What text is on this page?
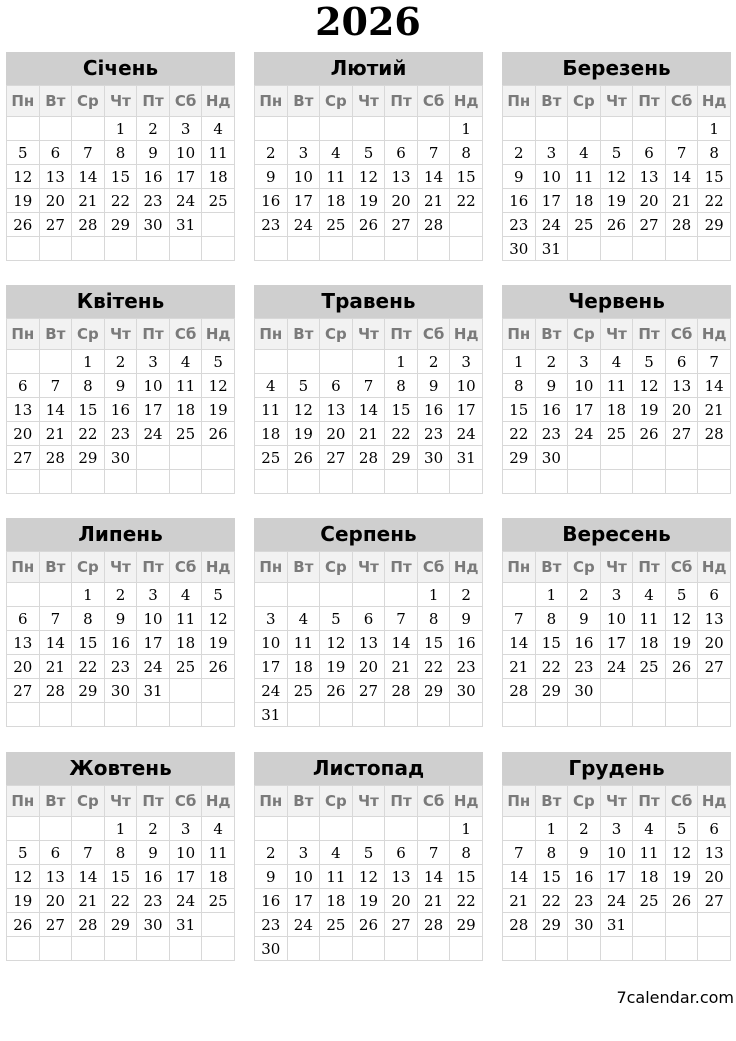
2026
Січень
Пн	Вт	Ср	Чт	Пт	Сб	Нд
			1	2	3	4
5	6	7	8	9	10	11
12	13	14	15	16	17	18
19	20	21	22	23	24	25
26	27	28	29	30	31	

Лютий
Пн	Вт	Ср	Чт	Пт	Сб	Нд
						1
2	3	4	5	6	7	8
9	10	11	12	13	14	15
16	17	18	19	20	21	22
23	24	25	26	27	28	

Березень
Пн	Вт	Ср	Чт	Пт	Сб	Нд
						1
2	3	4	5	6	7	8
9	10	11	12	13	14	15
16	17	18	19	20	21	22
23	24	25	26	27	28	29
30	31					
Квітень
Пн	Вт	Ср	Чт	Пт	Сб	Нд
		1	2	3	4	5
6	7	8	9	10	11	12
13	14	15	16	17	18	19
20	21	22	23	24	25	26
27	28	29	30			

Травень
Пн	Вт	Ср	Чт	Пт	Сб	Нд
				1	2	3
4	5	6	7	8	9	10
11	12	13	14	15	16	17
18	19	20	21	22	23	24
25	26	27	28	29	30	31

Червень
Пн	Вт	Ср	Чт	Пт	Сб	Нд
1	2	3	4	5	6	7
8	9	10	11	12	13	14
15	16	17	18	19	20	21
22	23	24	25	26	27	28
29	30					

Липень
Пн	Вт	Ср	Чт	Пт	Сб	Нд
		1	2	3	4	5
6	7	8	9	10	11	12
13	14	15	16	17	18	19
20	21	22	23	24	25	26
27	28	29	30	31		

Серпень
Пн	Вт	Ср	Чт	Пт	Сб	Нд
					1	2
3	4	5	6	7	8	9
10	11	12	13	14	15	16
17	18	19	20	21	22	23
24	25	26	27	28	29	30
31						
Вересень
Пн	Вт	Ср	Чт	Пт	Сб	Нд
	1	2	3	4	5	6
7	8	9	10	11	12	13
14	15	16	17	18	19	20
21	22	23	24	25	26	27
28	29	30				

Жовтень
Пн	Вт	Ср	Чт	Пт	Сб	Нд
			1	2	3	4
5	6	7	8	9	10	11
12	13	14	15	16	17	18
19	20	21	22	23	24	25
26	27	28	29	30	31	

Листопад
Пн	Вт	Ср	Чт	Пт	Сб	Нд
						1
2	3	4	5	6	7	8
9	10	11	12	13	14	15
16	17	18	19	20	21	22
23	24	25	26	27	28	29
30						
Грудень
Пн	Вт	Ср	Чт	Пт	Сб	Нд
	1	2	3	4	5	6
7	8	9	10	11	12	13
14	15	16	17	18	19	20
21	22	23	24	25	26	27
28	29	30	31			

7calendar.com
